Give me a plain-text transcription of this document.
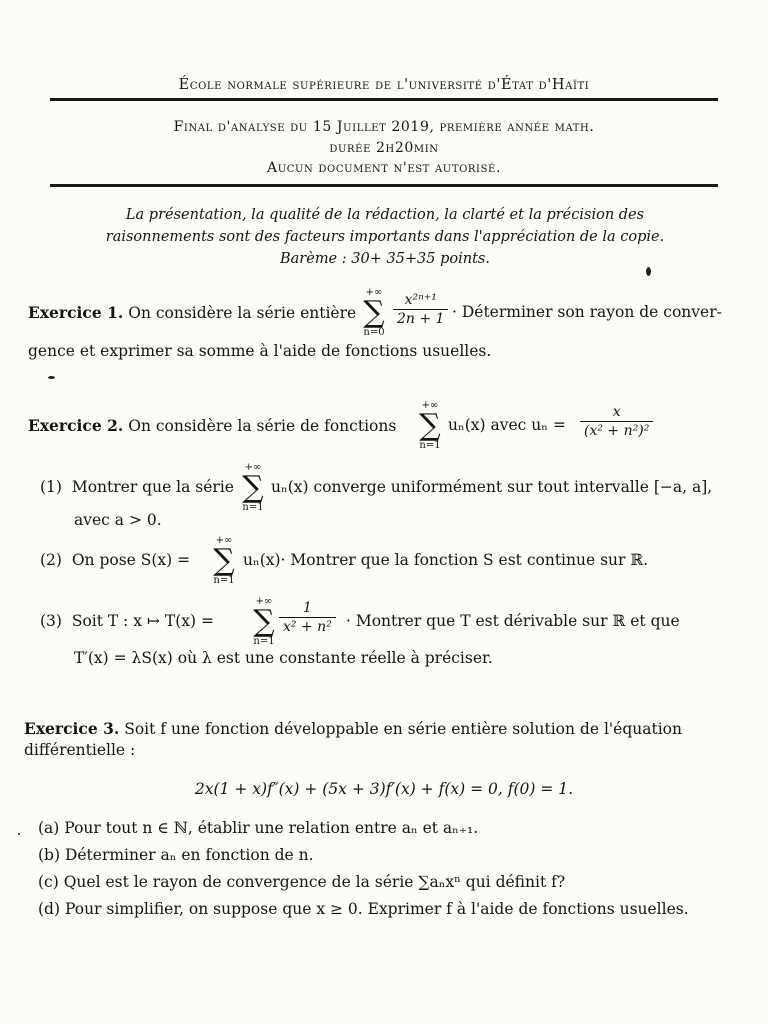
École normale supérieure de l'université d'État d'Haïti
Final d'analyse du 15 Juillet 2019, première année math.
durée 2h20min
Aucun document n'est autorisé.
La présentation, la qualité de la rédaction, la clarté et la précision des
raisonnements sont des facteurs importants dans l'appréciation de la copie.
Barème : 30+ 35+35 points.
Exercice 1. On considère la série entière
+∞
∑
n=0
$\frac{\text{x²ⁿ⁺¹}}{2n + 1}$ · Déterminer son rayon de conver-
gence et exprimer sa somme à l'aide de fonctions usuelles.
Exercice 2. On considère la série de fonctions
+∞
∑
n=1
uₙ(x) avec $u_n = \frac{x}{\text{(x² + n²)²}}$
(1) Montrer que la série
+∞
∑
n=1
uₙ(x) converge uniformément sur tout intervalle [−a, a],
avec a > 0.
(2) On pose S(x) =
+∞
∑
n=1
uₙ(x)· Montrer que la fonction S est continue sur ℝ.
(3) Soit T : x ↦ T(x) =
+∞
∑
n=1
$\frac{1}{\text{x² + n²}}$ · Montrer que T est dérivable sur ℝ et que
T′(x) = λS(x) où λ est une constante réelle à préciser.
Exercice 3. Soit f une fonction développable en série entière solution de l'équation
différentielle :
2x(1 + x)f″(x) + (5x + 3)f′(x) + f(x) = 0, f(0) = 1.
(a) Pour tout n ∈ ℕ, établir une relation entre aₙ et aₙ₊₁.
(b) Déterminer aₙ en fonction de n.
(c) Quel est le rayon de convergence de la série ∑aₙxⁿ qui définit f?
(d) Pour simplifier, on suppose que x ≥ 0. Exprimer f à l'aide de fonctions usuelles.
